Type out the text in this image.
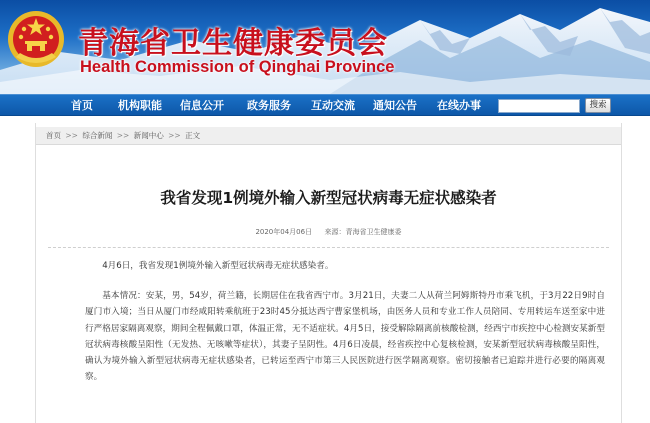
青海省卫生健康委员会
Health Commission of Qinghai Province
首页 机构职能 信息公开 政务服务 互动交流 通知公告 在线办事	搜索
首页 >> 综合新闻 >> 新闻中心 >> 正文
我省发现1例境外输入新型冠状病毒无症状感染者
2020年04月06日 来源：青海省卫生健康委

4月6日，我省发现1例境外输入新型冠状病毒无症状感染者。

基本情况：安某，男，54岁，荷兰籍，长期居住在我省西宁市。3月21日，夫妻二人从荷兰阿姆斯特丹市乘飞机，于3月22日9时自厦门市入境；当日从厦门市经咸阳转乘航班于23时45分抵达西宁曹家堡机场，由医务人员和专业工作人员陪同、专用转运车送至家中进行严格居家隔离观察，期间全程佩戴口罩，体温正常，无不适症状。4月5日，接受解除隔离前核酸检测，经西宁市疾控中心检测安某新型冠状病毒核酸呈阳性（无发热、无咳嗽等症状），其妻子呈阴性。4月6日凌晨，经省疾控中心复核检测，安某新型冠状病毒核酸呈阳性，确认为境外输入新型冠状病毒无症状感染者，已转运至西宁市第三人民医院进行医学隔离观察。密切接触者已追踪并进行必要的隔离观察。
